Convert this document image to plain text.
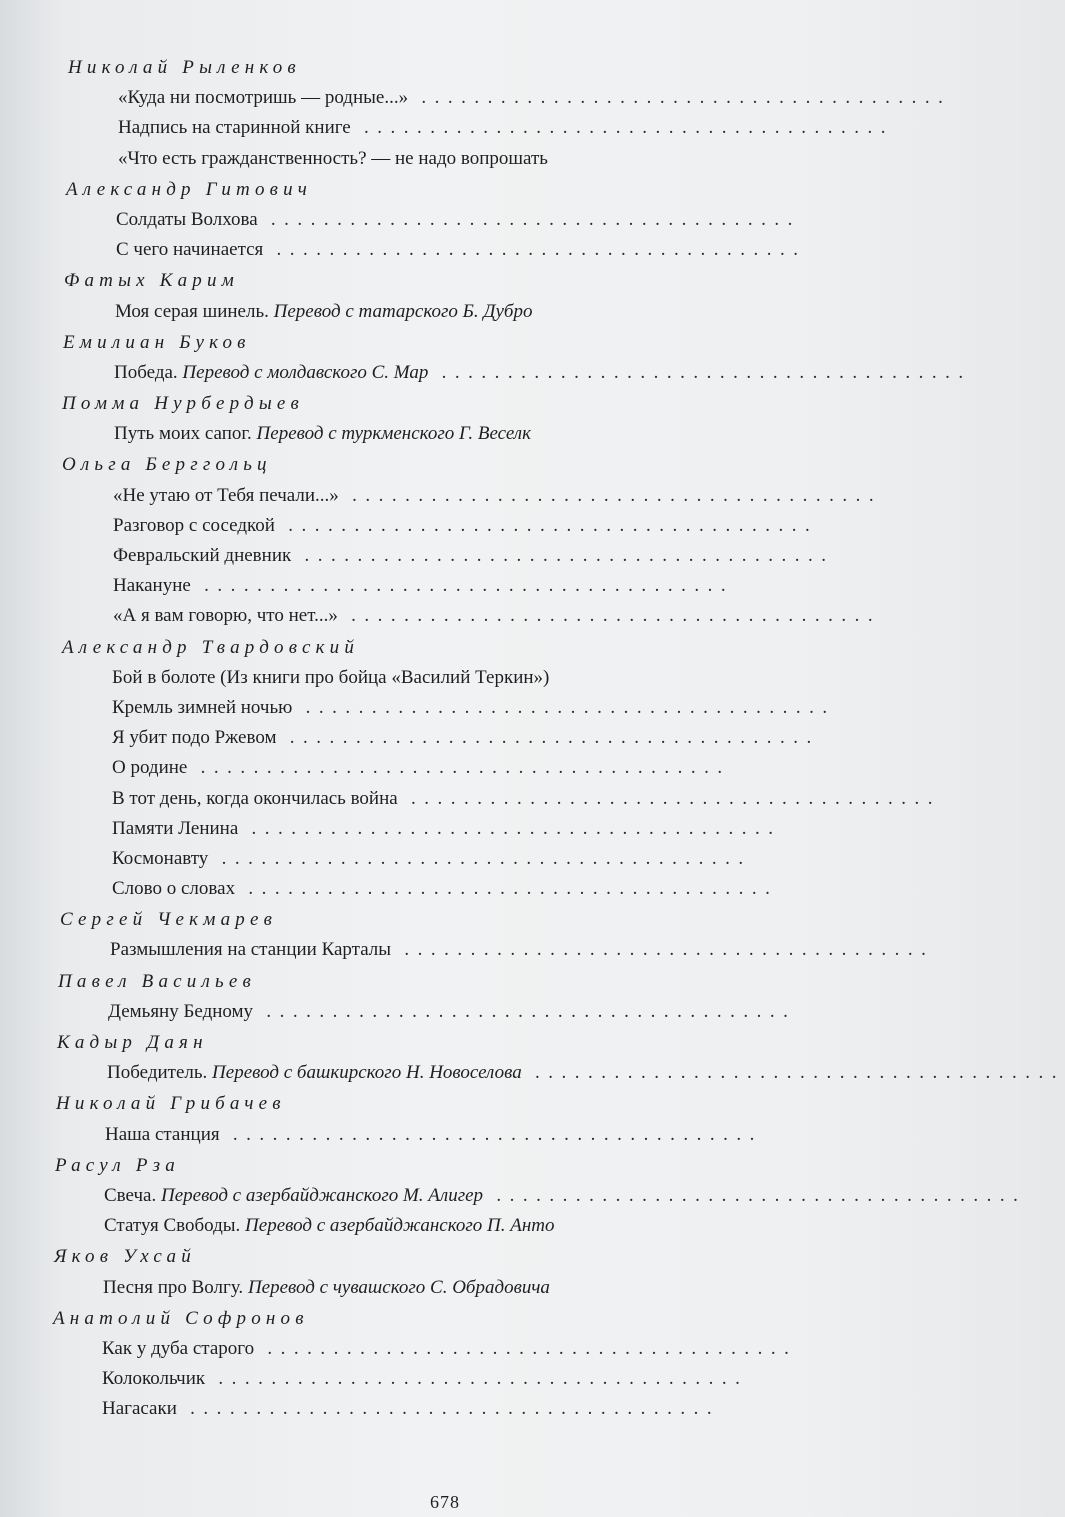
Николай Рыленков
«Куда ни посмотришь — родные...» ........................................
Надпись на старинной книге ........................................
«Что есть гражданственность? — не надо вопрошать
Александр Гитович
Солдаты Волхова ........................................
С чего начинается ........................................
Фатых Карим
Моя серая шинель. Перевод с татарского Б. Дубро
Емилиан Буков
Победа. Перевод с молдавского С. Мар ........................................
Помма Нурбердыев
Путь моих сапог. Перевод с туркменского Г. Веселк
Ольга Берггольц
«Не утаю от Тебя печали...» ........................................
Разговор с соседкой ........................................
Февральский дневник ........................................
Накануне ........................................
«А я вам говорю, что нет...» ........................................
Александр Твардовский
Бой в болоте (Из книги про бойца «Василий Теркин»)
Кремль зимней ночью ........................................
Я убит подо Ржевом ........................................
О родине ........................................
В тот день, когда окончилась война ........................................
Памяти Ленина ........................................
Космонавту ........................................
Слово о словах ........................................
Сергей Чекмарев
Размышления на станции Карталы ........................................
Павел Васильев
Демьяну Бедному ........................................
Кадыр Даян
Победитель. Перевод с башкирского Н. Новоселова ........................................
Николай Грибачев
Наша станция ........................................
Расул Рза
Свеча. Перевод с азербайджанского М. Алигер ........................................
Статуя Свободы. Перевод с азербайджанского П. Анто
Яков Ухсай
Песня про Волгу. Перевод с чувашского С. Обрадовича
Анатолий Софронов
Как у дуба старого ........................................
Колокольчик ........................................
Нагасаки ........................................
678
